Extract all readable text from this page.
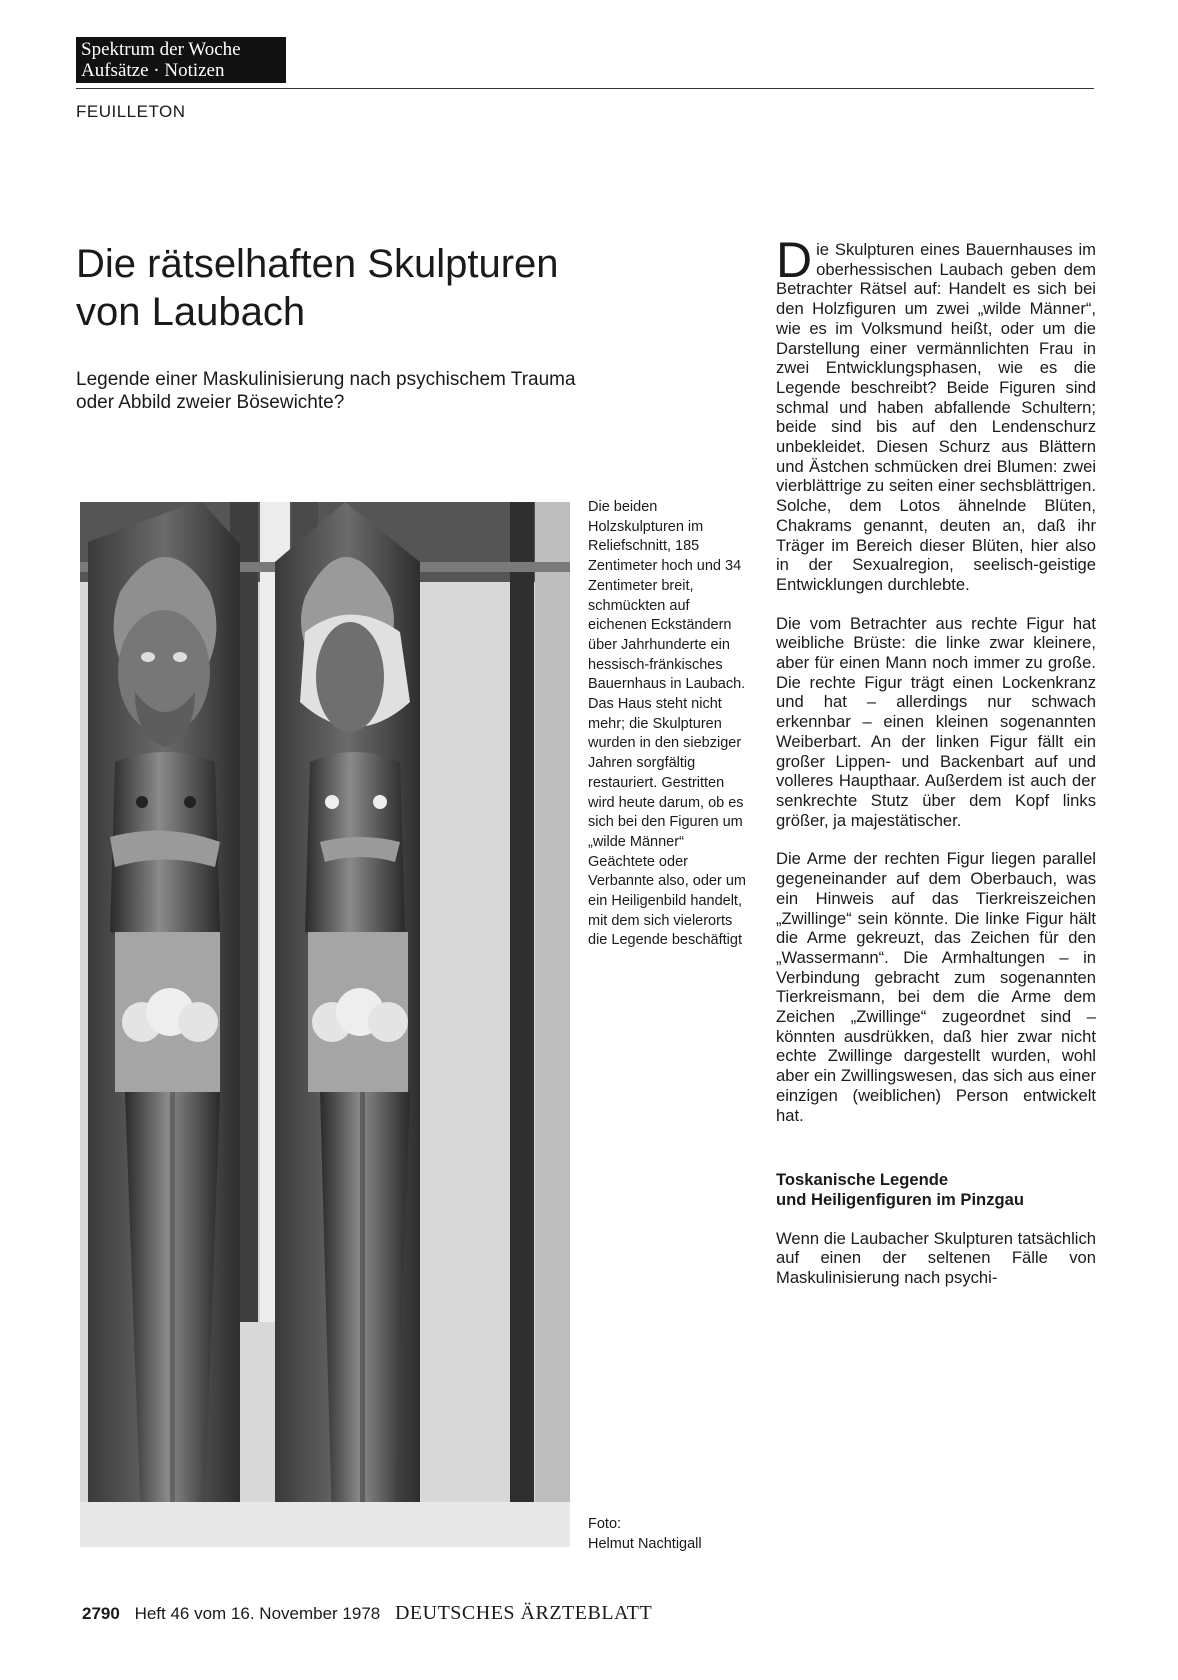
Spektrum der Woche
Aufsätze · Notizen
FEUILLETON
Die rätselhaften Skulpturen
von Laubach

Legende einer Maskulinisierung nach psychischem Trauma
oder Abbild zweier Bösewichte?

Die beiden Holzskulpturen im Reliefschnitt, 185 Zentimeter hoch und 34 Zentimeter breit, schmückten auf eichenen Eckständern über Jahrhunderte ein hessisch-fränkisches Bauernhaus in Laubach. Das Haus steht nicht mehr; die Skulpturen wurden in den siebziger Jahren sorgfältig restauriert. Gestritten wird heute darum, ob es sich bei den Figuren um „wilde Männer“ Geächtete oder Verbannte also, oder um ein Heiligenbild handelt, mit dem sich vielerorts die Legende beschäftigt

Foto:
Helmut Nachtigall

Die Skulpturen eines Bauernhauses im oberhessischen Laubach geben dem Betrachter Rätsel auf: Handelt es sich bei den Holzfiguren um zwei „wilde Männer“, wie es im Volksmund heißt, oder um die Darstellung einer vermännlichten Frau in zwei Entwicklungsphasen, wie es die Legende beschreibt? Beide Figuren sind schmal und haben abfallende Schultern; beide sind bis auf den Lendenschurz unbekleidet. Diesen Schurz aus Blättern und Ästchen schmücken drei Blumen: zwei vierblättrige zu seiten einer sechsblättrigen. Solche, dem Lotos ähnelnde Blüten, Chakrams genannt, deuten an, daß ihr Träger im Bereich dieser Blüten, hier also in der Sexualregion, seelisch-geistige Entwicklungen durchlebte.

Die vom Betrachter aus rechte Figur hat weibliche Brüste: die linke zwar kleinere, aber für einen Mann noch immer zu große. Die rechte Figur trägt einen Lockenkranz und hat – allerdings nur schwach erkennbar – einen kleinen sogenannten Weiberbart. An der linken Figur fällt ein großer Lippen- und Backenbart auf und volleres Haupthaar. Außerdem ist auch der senkrechte Stutz über dem Kopf links größer, ja majestätischer.

Die Arme der rechten Figur liegen parallel gegeneinander auf dem Oberbauch, was ein Hinweis auf das Tierkreiszeichen „Zwillinge“ sein könnte. Die linke Figur hält die Arme gekreuzt, das Zeichen für den „Wassermann“. Die Armhaltungen – in Verbindung gebracht zum sogenannten Tierkreismann, bei dem die Arme dem Zeichen „Zwillinge“ zugeordnet sind – könnten ausdrükken, daß hier zwar nicht echte Zwillinge dargestellt wurden, wohl aber ein Zwillingswesen, das sich aus einer einzigen (weiblichen) Person entwickelt hat.

Toskanische Legende
und Heiligenfiguren im Pinzgau

Wenn die Laubacher Skulpturen tatsächlich auf einen der seltenen Fälle von Maskulinisierung nach psychi-

2790 Heft 46 vom 16. November 1978 DEUTSCHES ÄRZTEBLATT
